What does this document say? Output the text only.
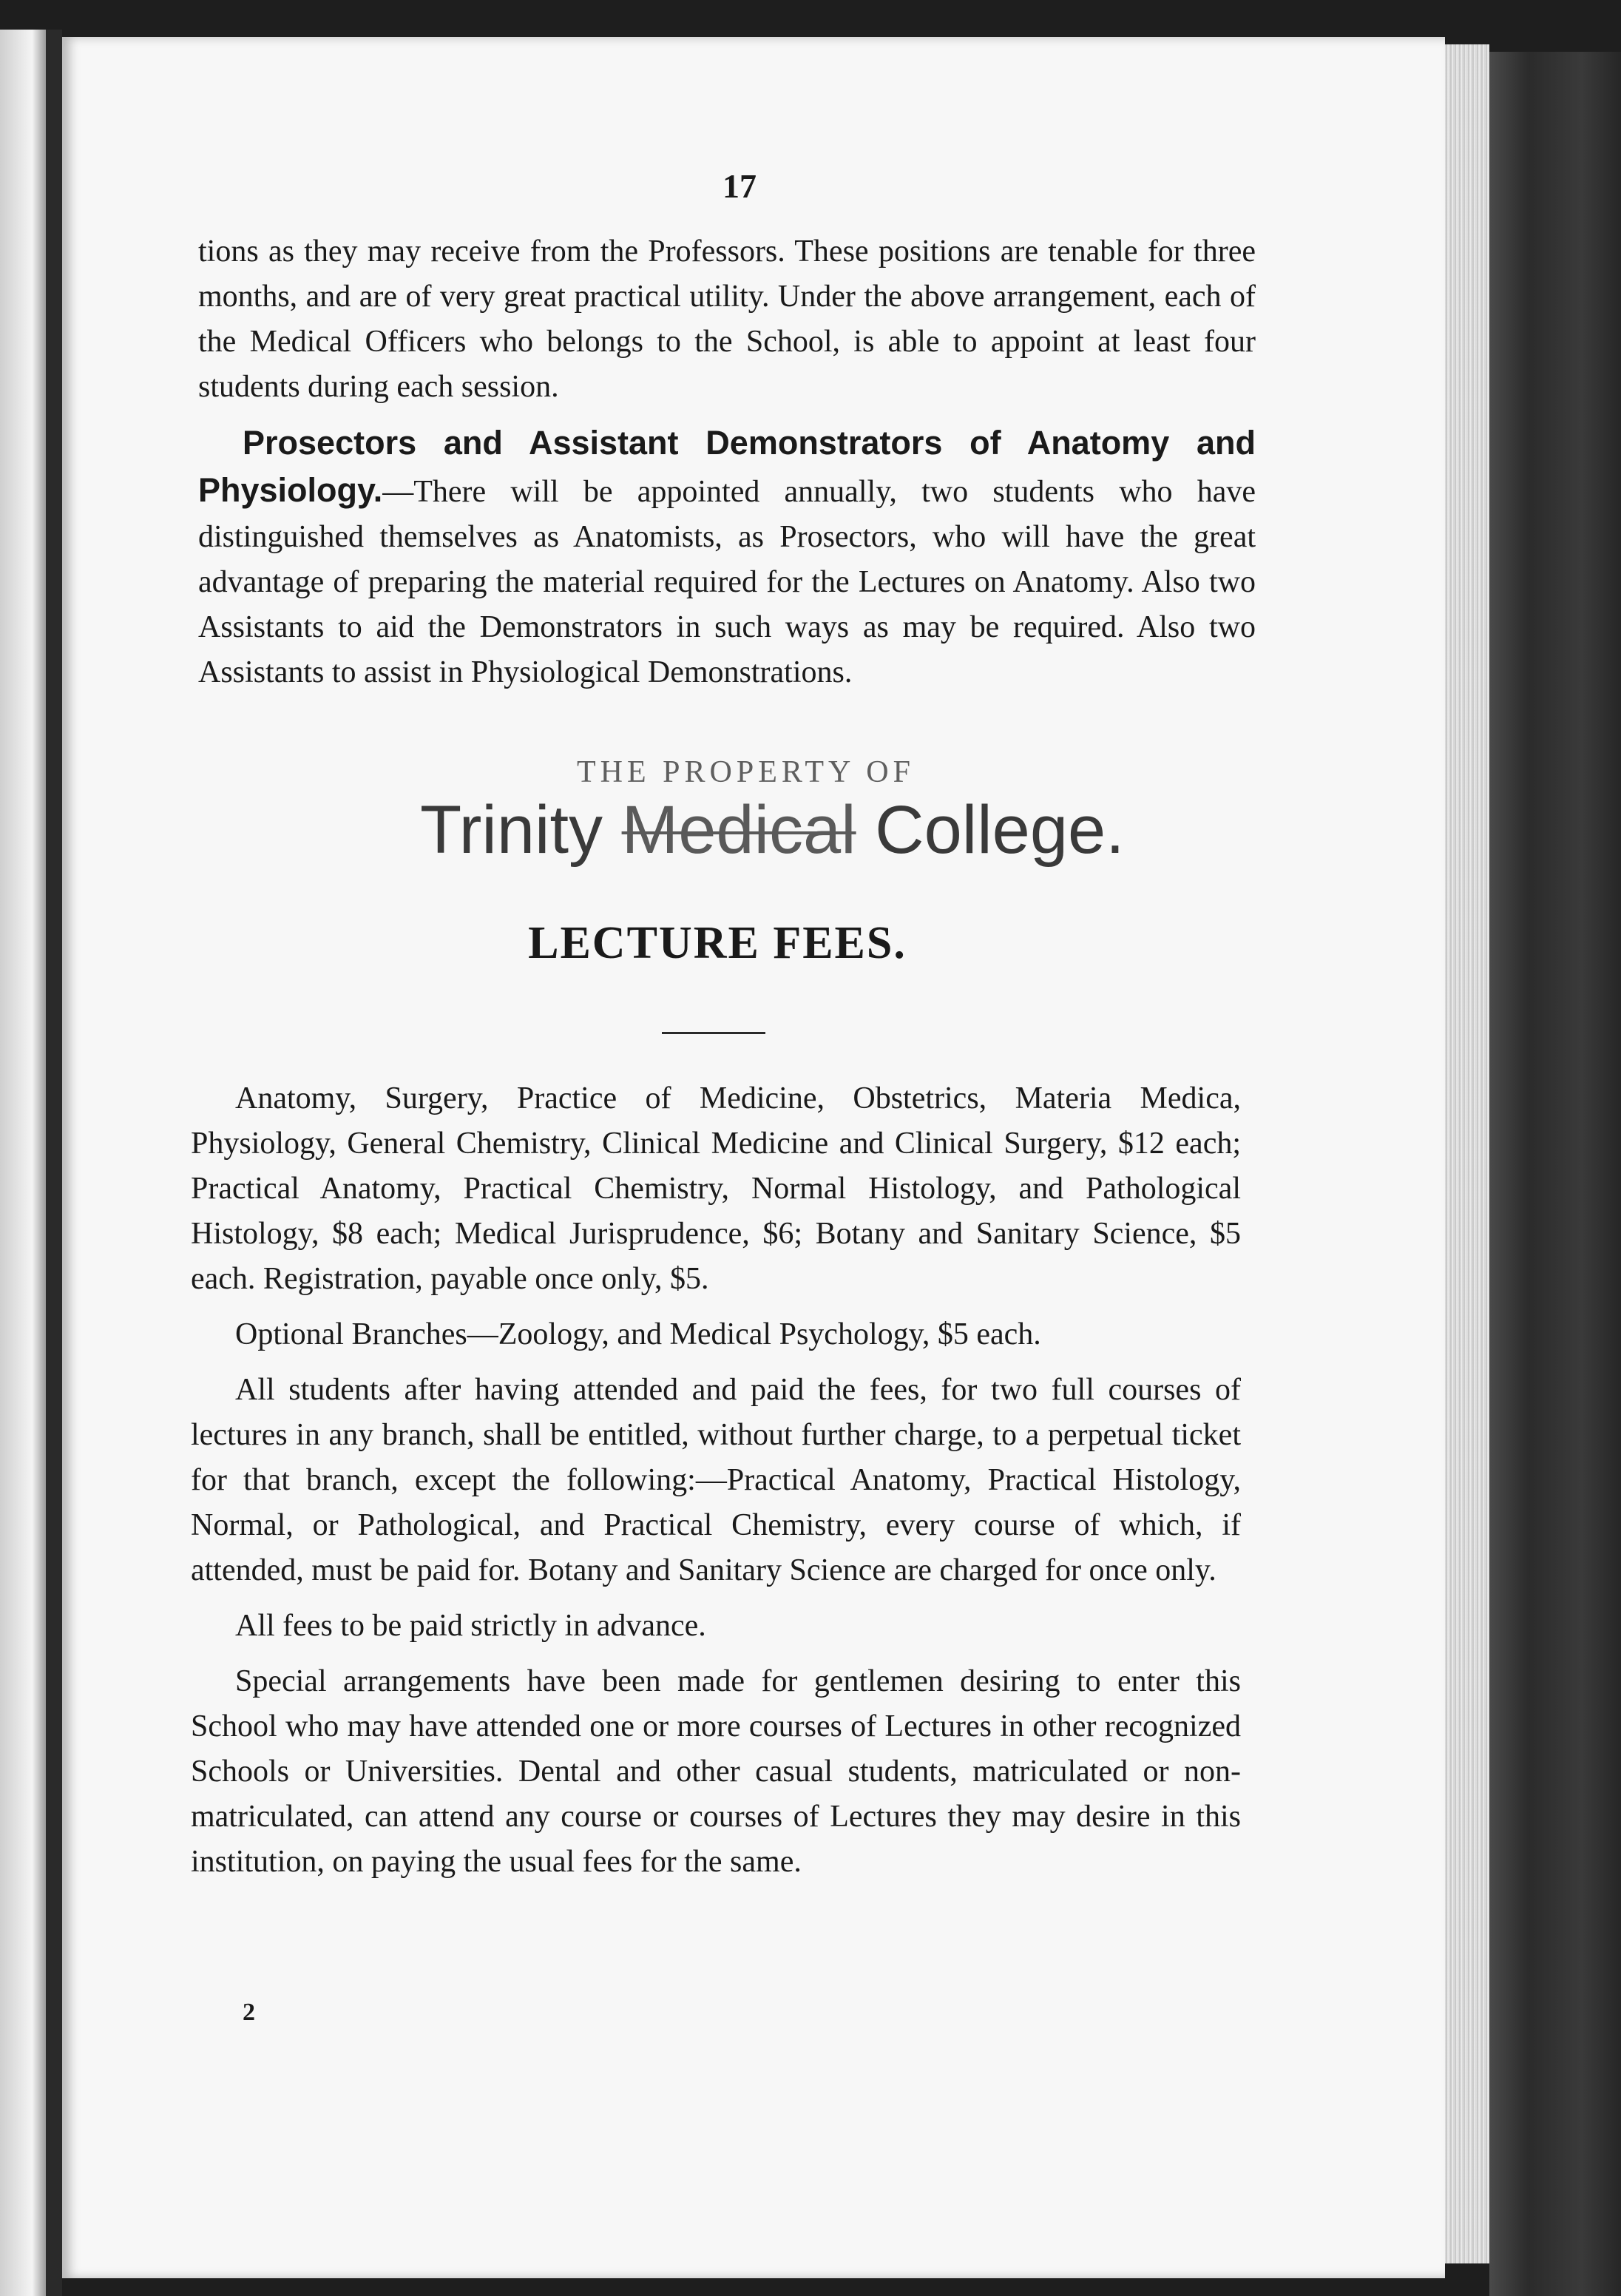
17

tions as they may receive from the Professors. These positions are tenable for three months, and are of very great practical utility. Under the above arrangement, each of the Medical Officers who belongs to the School, is able to appoint at least four students during each session.

Prosectors and Assistant Demonstrators of Anatomy and Physiology.—There will be appointed annually, two students who have distinguished themselves as Anatomists, as Prosectors, who will have the great advantage of preparing the material required for the Lectures on Anatomy. Also two Assistants to aid the Demonstrators in such ways as may be required. Also two Assistants to assist in Physiological Demonstrations.

THE PROPERTY OF
Trinity Medical College.
LECTURE FEES.

Anatomy, Surgery, Practice of Medicine, Obstetrics, Materia Medica, Physiology, General Chemistry, Clinical Medicine and Clinical Surgery, $12 each; Practical Anatomy, Practical Chemistry, Normal Histology, and Pathological Histology, $8 each; Medical Jurisprudence, $6; Botany and Sanitary Science, $5 each. Registration, payable once only, $5.

Optional Branches—Zoology, and Medical Psychology, $5 each.

All students after having attended and paid the fees, for two full courses of lectures in any branch, shall be entitled, without further charge, to a perpetual ticket for that branch, except the following:—Practical Anatomy, Practical Histology, Normal, or Pathological, and Practical Chemistry, every course of which, if attended, must be paid for. Botany and Sanitary Science are charged for once only.

All fees to be paid strictly in advance.

Special arrangements have been made for gentlemen desiring to enter this School who may have attended one or more courses of Lectures in other recognized Schools or Universities. Dental and other casual students, matriculated or non-matriculated, can attend any course or courses of Lectures they may desire in this institution, on paying the usual fees for the same.

2
